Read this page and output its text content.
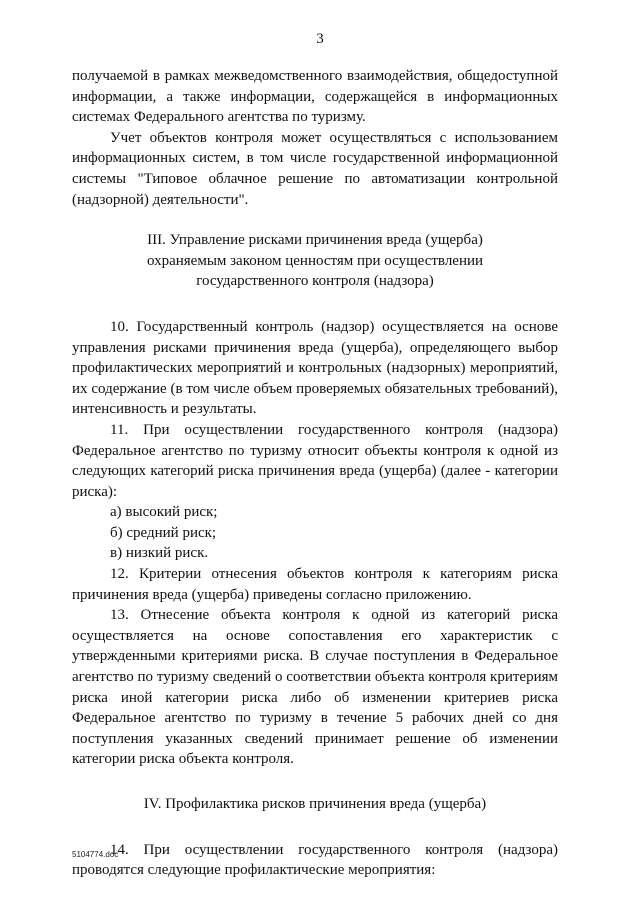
3

получаемой в рамках межведомственного взаимодействия, общедоступной информации, а также информации, содержащейся в информационных системах Федерального агентства по туризму.

Учет объектов контроля может осуществляться с использованием информационных систем, в том числе государственной информационной системы "Типовое облачное решение по автоматизации контрольной (надзорной) деятельности".

III. Управление рисками причинения вреда (ущерба)
охраняемым законом ценностям при осуществлении
государственного контроля (надзора)

10. Государственный контроль (надзор) осуществляется на основе управления рисками причинения вреда (ущерба), определяющего выбор профилактических мероприятий и контрольных (надзорных) мероприятий, их содержание (в том числе объем проверяемых обязательных требований), интенсивность и результаты.

11. При осуществлении государственного контроля (надзора) Федеральное агентство по туризму относит объекты контроля к одной из следующих категорий риска причинения вреда (ущерба) (далее - категории риска):

а) высокий риск;

б) средний риск;

в) низкий риск.

12. Критерии отнесения объектов контроля к категориям риска причинения вреда (ущерба) приведены согласно приложению.

13. Отнесение объекта контроля к одной из категорий риска осуществляется на основе сопоставления его характеристик с утвержденными критериями риска. В случае поступления в Федеральное агентство по туризму сведений о соответствии объекта контроля критериям риска иной категории риска либо об изменении критериев риска Федеральное агентство по туризму в течение 5 рабочих дней со дня поступления указанных сведений принимает решение об изменении категории риска объекта контроля.

IV. Профилактика рисков причинения вреда (ущерба)

14. При осуществлении государственного контроля (надзора) проводятся следующие профилактические мероприятия:

5104774.doc
